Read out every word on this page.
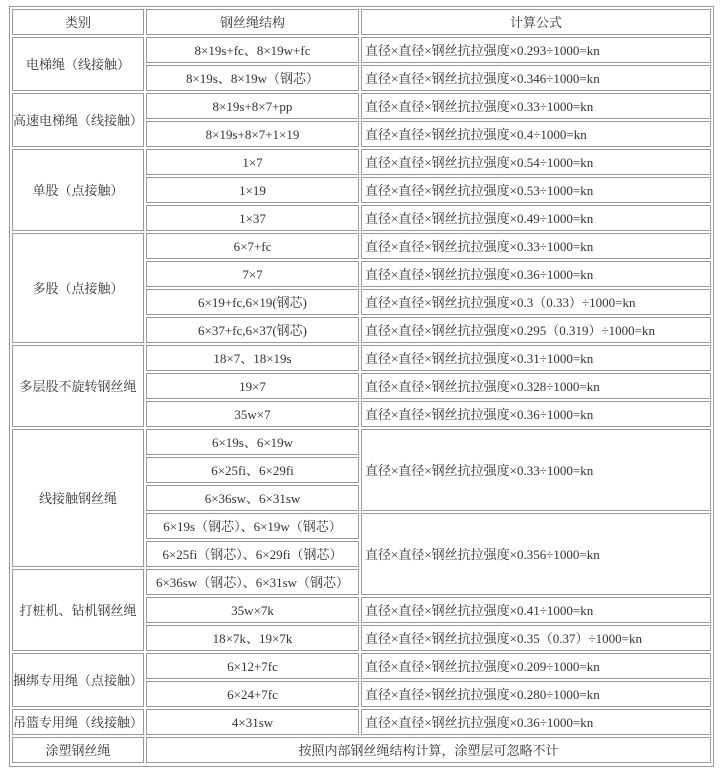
类别	钢丝绳结构	计算公式
电梯绳（线接触）
高速电梯绳（线接触）
单股（点接触）
多股（点接触）
多层股不旋转钢丝绳
线接触钢丝绳
打桩机、钻机钢丝绳
捆绑专用绳（点接触）
吊篮专用绳（线接触）
涂塑钢丝绳
8×19s+fc、8×19w+fc
8×19s、8×19w（钢芯）
8×19s+8×7+pp
8×19s+8×7+1×19
1×7
1×19
1×37
6×7+fc
7×7
6×19+fc,6×19(钢芯)
6×37+fc,6×37(钢芯)
18×7、18×19s
19×7
35w×7
6×19s、6×19w
6×25fi、6×29fi
6×36sw、6×31sw
6×19s（钢芯）、6×19w（钢芯）
6×25fi（钢芯）、6×29fi（钢芯）
6×36sw（钢芯）、6×31sw（钢芯）
35w×7k
18×7k、19×7k
6×12+7fc
6×24+7fc
4×31sw
直径×直径×钢丝抗拉强度×0.293÷1000=kn
直径×直径×钢丝抗拉强度×0.346÷1000=kn
直径×直径×钢丝抗拉强度×0.33÷1000=kn
直径×直径×钢丝抗拉强度×0.4÷1000=kn
直径×直径×钢丝抗拉强度×0.54÷1000=kn
直径×直径×钢丝抗拉强度×0.53÷1000=kn
直径×直径×钢丝抗拉强度×0.49÷1000=kn
直径×直径×钢丝抗拉强度×0.33÷1000=kn
直径×直径×钢丝抗拉强度×0.36÷1000=kn
直径×直径×钢丝抗拉强度×0.3（0.33）÷1000=kn
直径×直径×钢丝抗拉强度×0.295（0.319）÷1000=kn
直径×直径×钢丝抗拉强度×0.31÷1000=kn
直径×直径×钢丝抗拉强度×0.328÷1000=kn
直径×直径×钢丝抗拉强度×0.36÷1000=kn
直径×直径×钢丝抗拉强度×0.33÷1000=kn
直径×直径×钢丝抗拉强度×0.356÷1000=kn
直径×直径×钢丝抗拉强度×0.41÷1000=kn
直径×直径×钢丝抗拉强度×0.35（0.37）÷1000=kn
直径×直径×钢丝抗拉强度×0.209÷1000=kn
直径×直径×钢丝抗拉强度×0.280÷1000=kn
直径×直径×钢丝抗拉强度×0.36÷1000=kn
按照内部钢丝绳结构计算，涂塑层可忽略不计
